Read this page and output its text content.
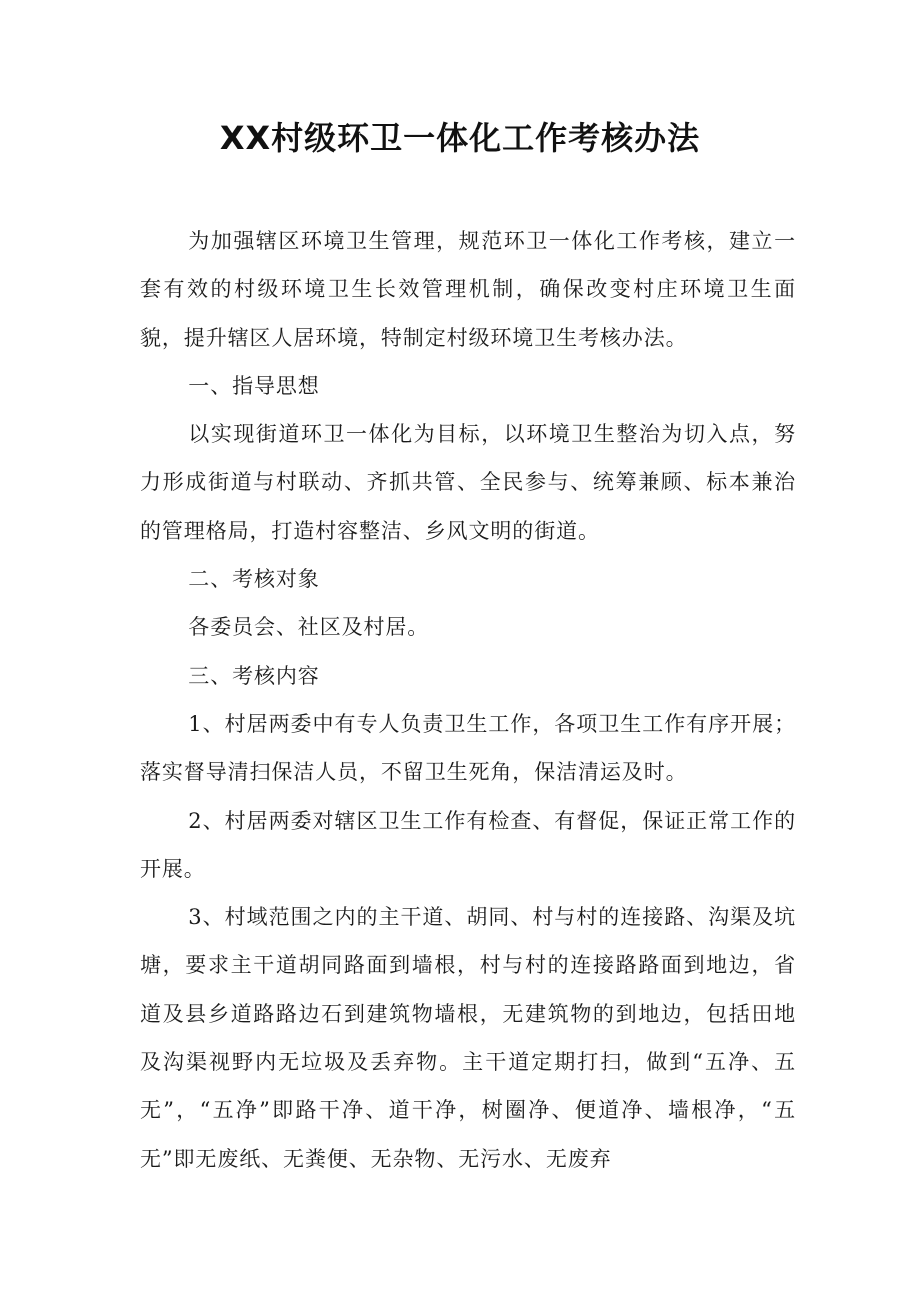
XX村级环卫一体化工作考核办法

为加强辖区环境卫生管理，规范环卫一体化工作考核，建立一套有效的村级环境卫生长效管理机制，确保改变村庄环境卫生面貌，提升辖区人居环境，特制定村级环境卫生考核办法。

一、指导思想

以实现街道环卫一体化为目标，以环境卫生整治为切入点，努力形成街道与村联动、齐抓共管、全民参与、统筹兼顾、标本兼治的管理格局，打造村容整洁、乡风文明的街道。

二、考核对象

各委员会、社区及村居。

三、考核内容

1、村居两委中有专人负责卫生工作，各项卫生工作有序开展；落实督导清扫保洁人员，不留卫生死角，保洁清运及时。

2、村居两委对辖区卫生工作有检查、有督促，保证正常工作的开展。

3、村域范围之内的主干道、胡同、村与村的连接路、沟渠及坑塘，要求主干道胡同路面到墙根，村与村的连接路路面到地边，省道及县乡道路路边石到建筑物墙根，无建筑物的到地边，包括田地及沟渠视野内无垃圾及丢弃物。主干道定期打扫，做到“五净、五无”，“五净”即路干净、道干净，树圈净、便道净、墙根净，“五无”即无废纸、无粪便、无杂物、无污水、无废弃
